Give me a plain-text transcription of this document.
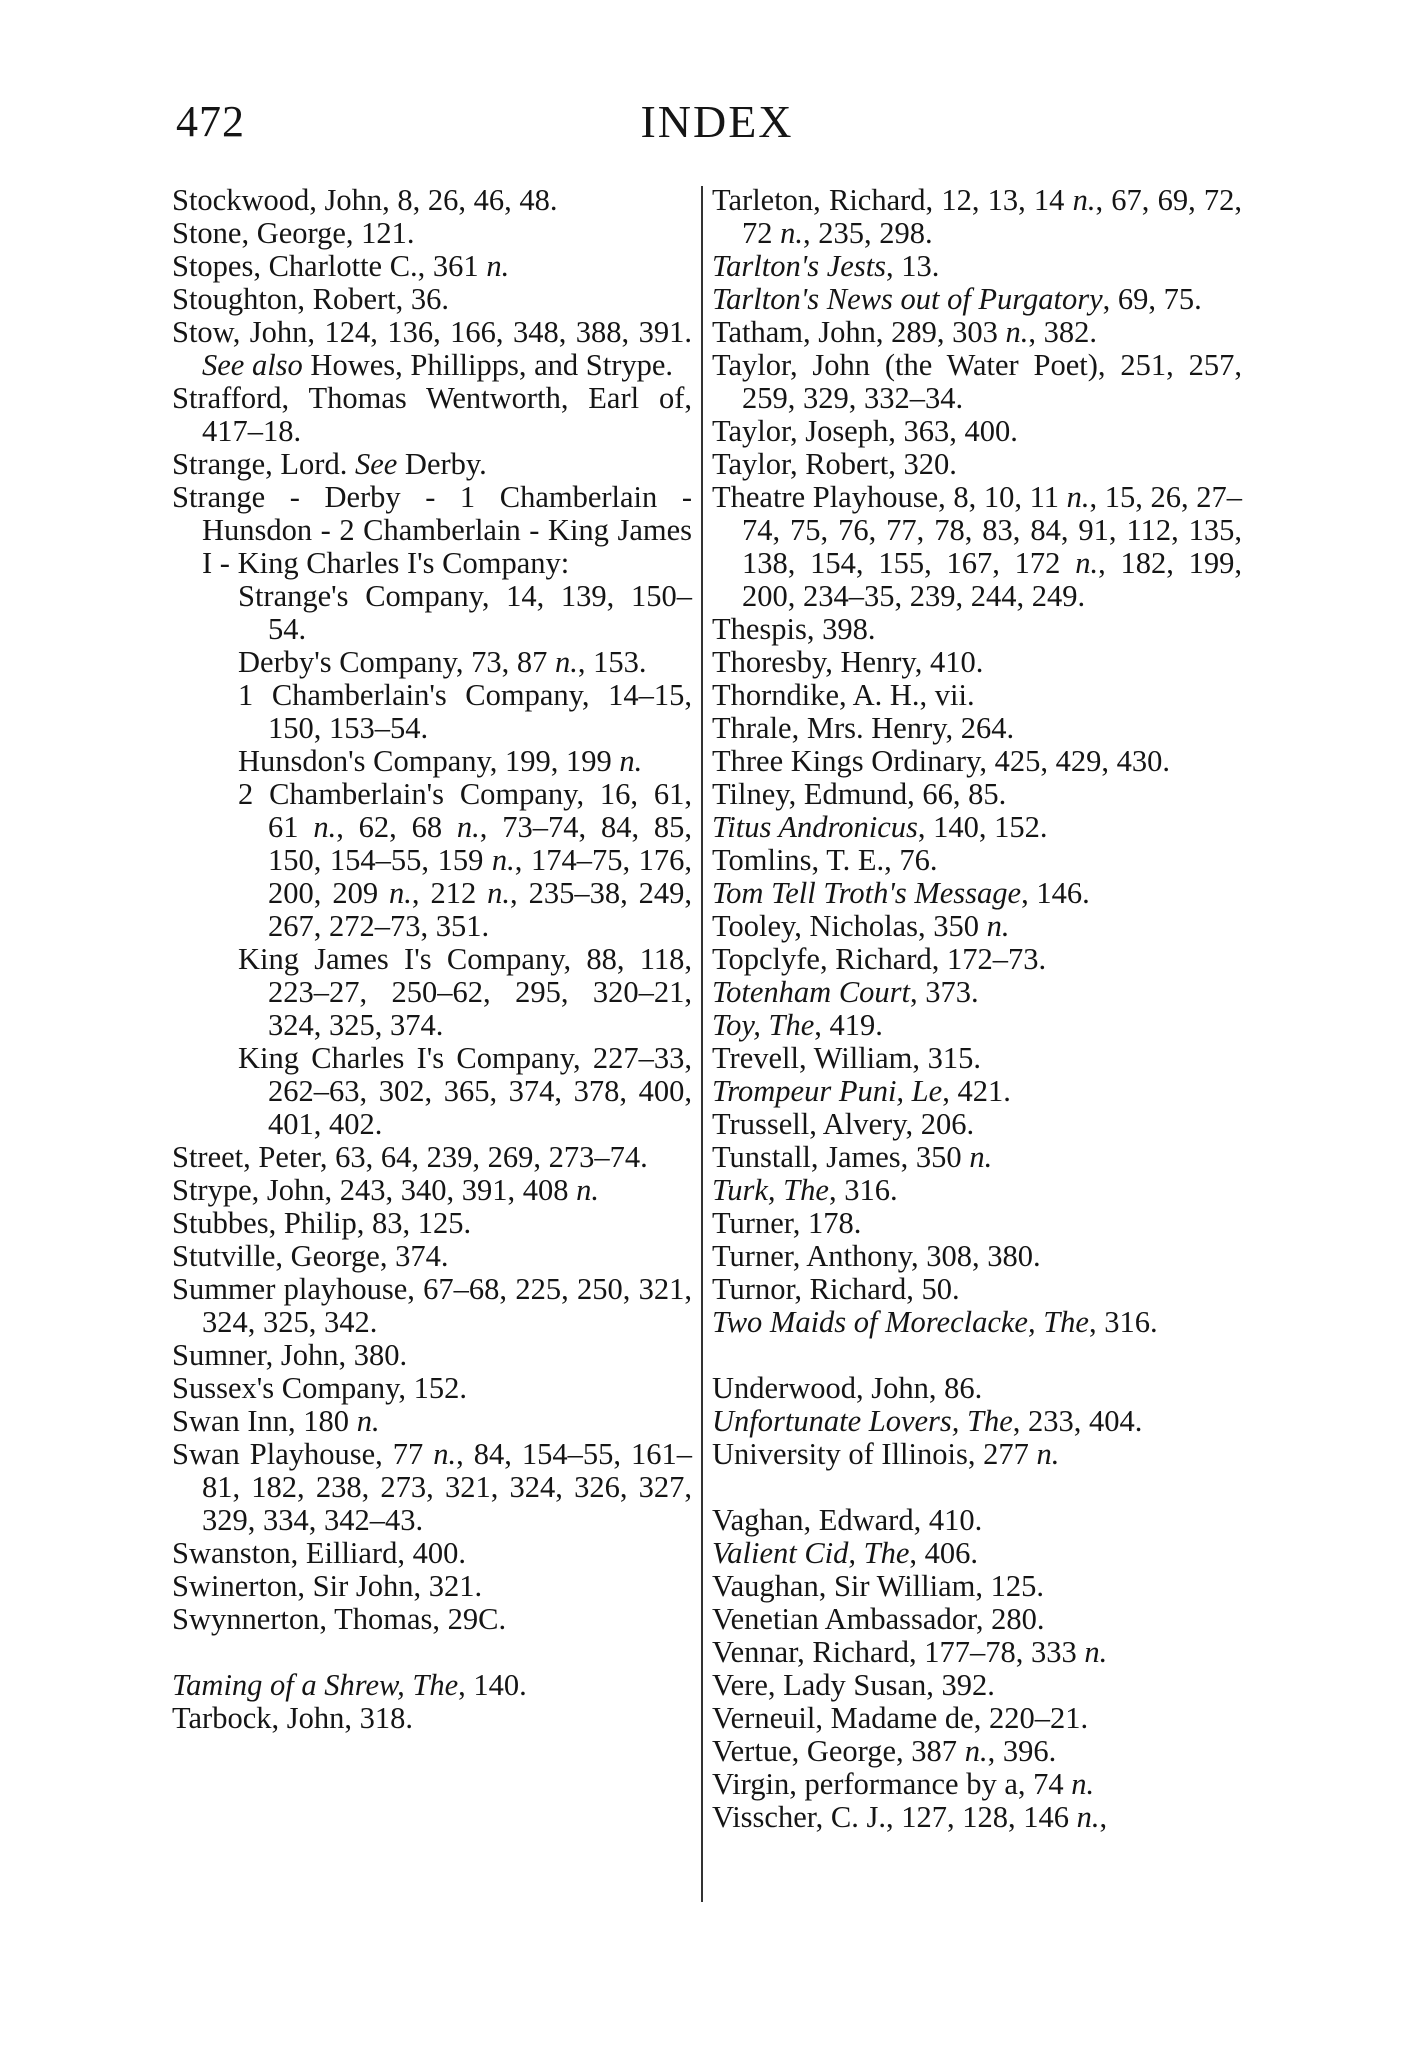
472	INDEX
Stockwood, John, 8, 26, 46, 48.
Stone, George, 121.
Stopes, Charlotte C., 361 n.
Stoughton, Robert, 36.
Stow, John, 124, 136, 166, 348, 388, 391. See also Howes, Phillipps, and Strype.
Strafford, Thomas Wentworth, Earl of, 417–18.
Strange, Lord. See Derby.
Strange - Derby - 1 Chamberlain - Hunsdon - 2 Chamberlain - King James I - King Charles I's Company:
Strange's Company, 14, 139, 150–54.
Derby's Company, 73, 87 n., 153.
1 Chamberlain's Company, 14–15, 150, 153–54.
Hunsdon's Company, 199, 199 n.
2 Chamberlain's Company, 16, 61, 61 n., 62, 68 n., 73–74, 84, 85, 150, 154–55, 159 n., 174–75, 176, 200, 209 n., 212 n., 235–38, 249, 267, 272–73, 351.
King James I's Company, 88, 118, 223–27, 250–62, 295, 320–21, 324, 325, 374.
King Charles I's Company, 227–33, 262–63, 302, 365, 374, 378, 400, 401, 402.
Street, Peter, 63, 64, 239, 269, 273–74.
Strype, John, 243, 340, 391, 408 n.
Stubbes, Philip, 83, 125.
Stutville, George, 374.
Summer playhouse, 67–68, 225, 250, 321, 324, 325, 342.
Sumner, John, 380.
Sussex's Company, 152.
Swan Inn, 180 n.
Swan Playhouse, 77 n., 84, 154–55, 161–81, 182, 238, 273, 321, 324, 326, 327, 329, 334, 342–43.
Swanston, Eilliard, 400.
Swinerton, Sir John, 321.
Swynnerton, Thomas, 29C.
Taming of a Shrew, The, 140.
Tarbock, John, 318.
Tarleton, Richard, 12, 13, 14 n., 67, 69, 72, 72 n., 235, 298.
Tarlton's Jests, 13.
Tarlton's News out of Purgatory, 69, 75.
Tatham, John, 289, 303 n., 382.
Taylor, John (the Water Poet), 251, 257, 259, 329, 332–34.
Taylor, Joseph, 363, 400.
Taylor, Robert, 320.
Theatre Playhouse, 8, 10, 11 n., 15, 26, 27–74, 75, 76, 77, 78, 83, 84, 91, 112, 135, 138, 154, 155, 167, 172 n., 182, 199, 200, 234–35, 239, 244, 249.
Thespis, 398.
Thoresby, Henry, 410.
Thorndike, A. H., vii.
Thrale, Mrs. Henry, 264.
Three Kings Ordinary, 425, 429, 430.
Tilney, Edmund, 66, 85.
Titus Andronicus, 140, 152.
Tomlins, T. E., 76.
Tom Tell Troth's Message, 146.
Tooley, Nicholas, 350 n.
Topclyfe, Richard, 172–73.
Totenham Court, 373.
Toy, The, 419.
Trevell, William, 315.
Trompeur Puni, Le, 421.
Trussell, Alvery, 206.
Tunstall, James, 350 n.
Turk, The, 316.
Turner, 178.
Turner, Anthony, 308, 380.
Turnor, Richard, 50.
Two Maids of Moreclacke, The, 316.
Underwood, John, 86.
Unfortunate Lovers, The, 233, 404.
University of Illinois, 277 n.
Vaghan, Edward, 410.
Valient Cid, The, 406.
Vaughan, Sir William, 125.
Venetian Ambassador, 280.
Vennar, Richard, 177–78, 333 n.
Vere, Lady Susan, 392.
Verneuil, Madame de, 220–21.
Vertue, George, 387 n., 396.
Virgin, performance by a, 74 n.
Visscher, C. J., 127, 128, 146 n.,
